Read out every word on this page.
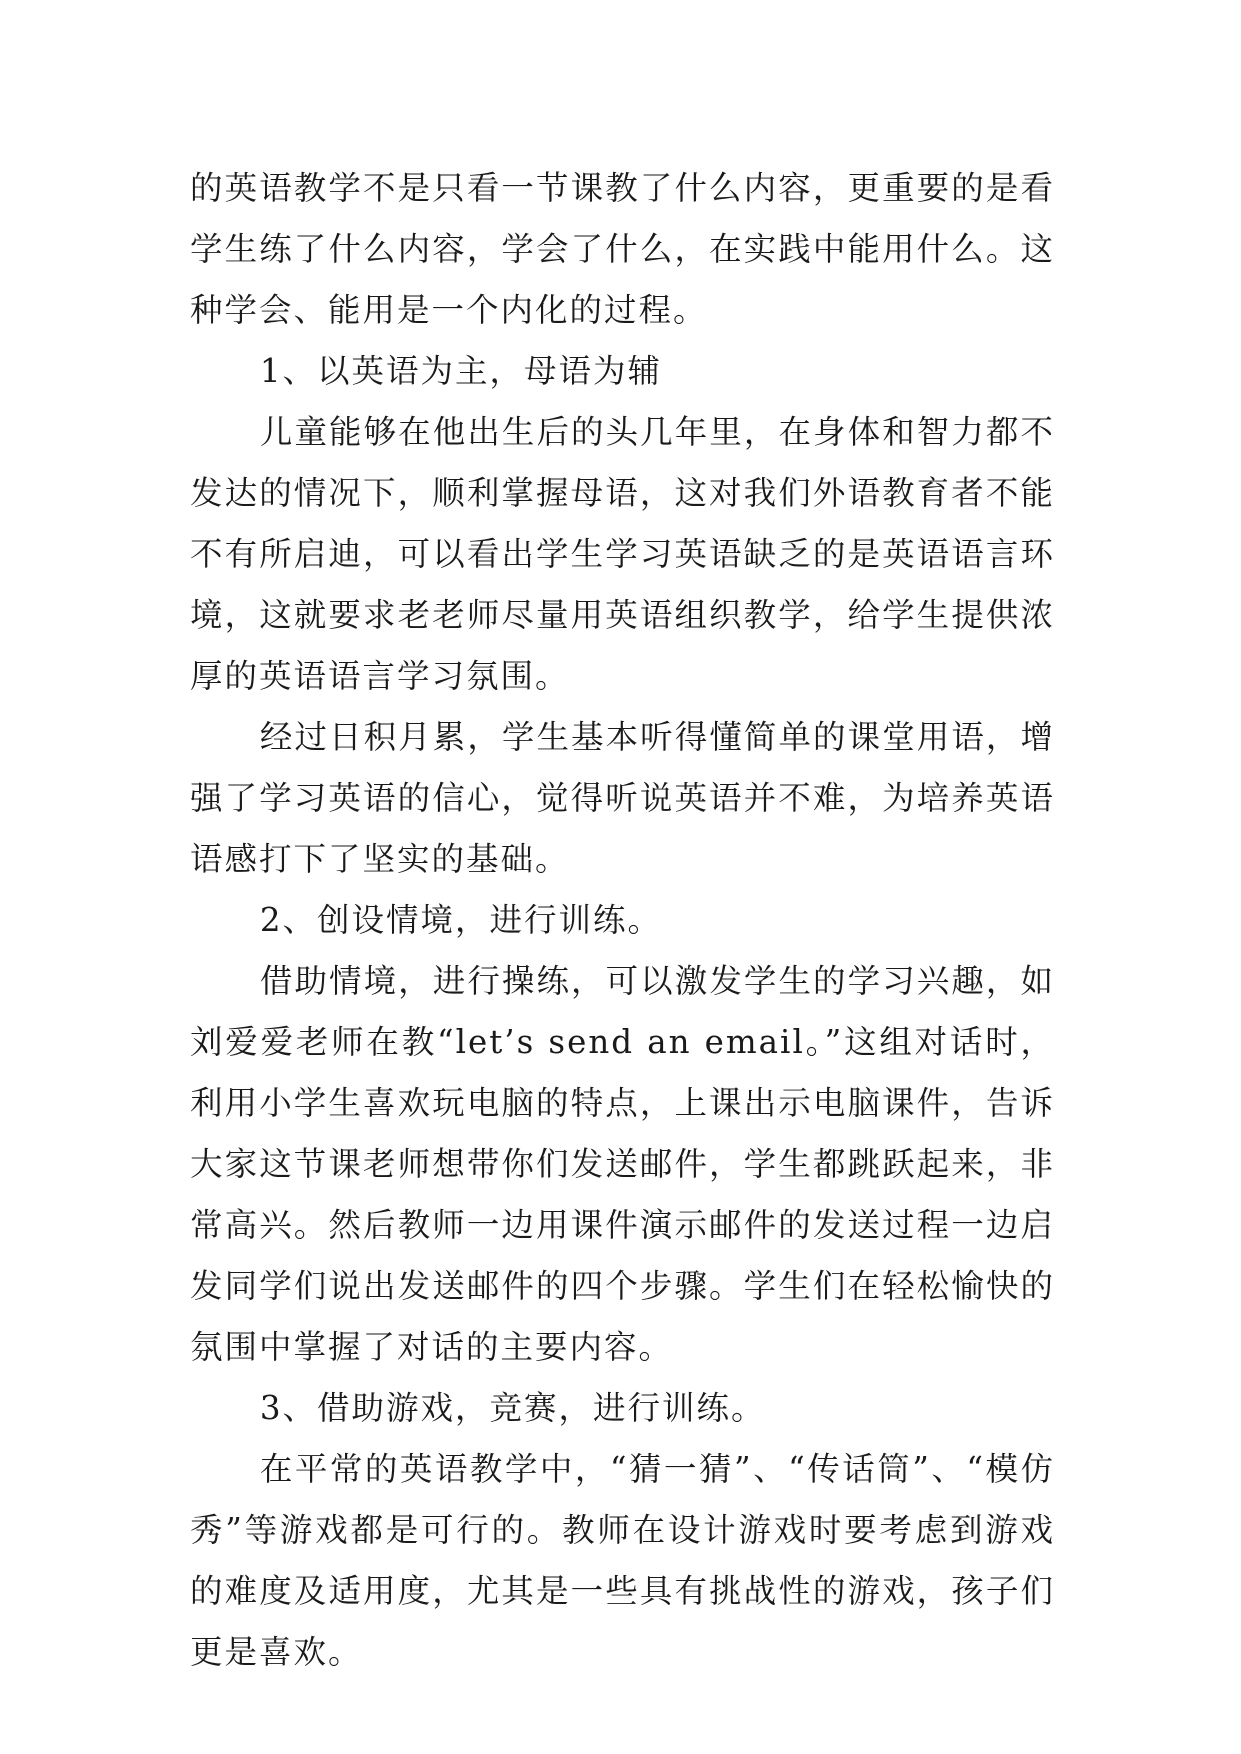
的英语教学不是只看一节课教了什么内容，更重要的是看学生练了什么内容，学会了什么，在实践中能用什么。这种学会、能用是一个内化的过程。

1、以英语为主，母语为辅

儿童能够在他出生后的头几年里，在身体和智力都不发达的情况下，顺利掌握母语，这对我们外语教育者不能不有所启迪，可以看出学生学习英语缺乏的是英语语言环境，这就要求老老师尽量用英语组织教学，给学生提供浓厚的英语语言学习氛围。

经过日积月累，学生基本听得懂简单的课堂用语，增强了学习英语的信心，觉得听说英语并不难，为培养英语语感打下了坚实的基础。

2、创设情境，进行训练。

借助情境，进行操练，可以激发学生的学习兴趣，如刘爱爱老师在教“let’s send an email。”这组对话时，利用小学生喜欢玩电脑的特点，上课出示电脑课件，告诉大家这节课老师想带你们发送邮件，学生都跳跃起来，非常高兴。然后教师一边用课件演示邮件的发送过程一边启发同学们说出发送邮件的四个步骤。学生们在轻松愉快的氛围中掌握了对话的主要内容。

3、借助游戏，竞赛，进行训练。

在平常的英语教学中，“猜一猜”、“传话筒”、“模仿秀”等游戏都是可行的。教师在设计游戏时要考虑到游戏的难度及适用度，尤其是一些具有挑战性的游戏，孩子们更是喜欢。
